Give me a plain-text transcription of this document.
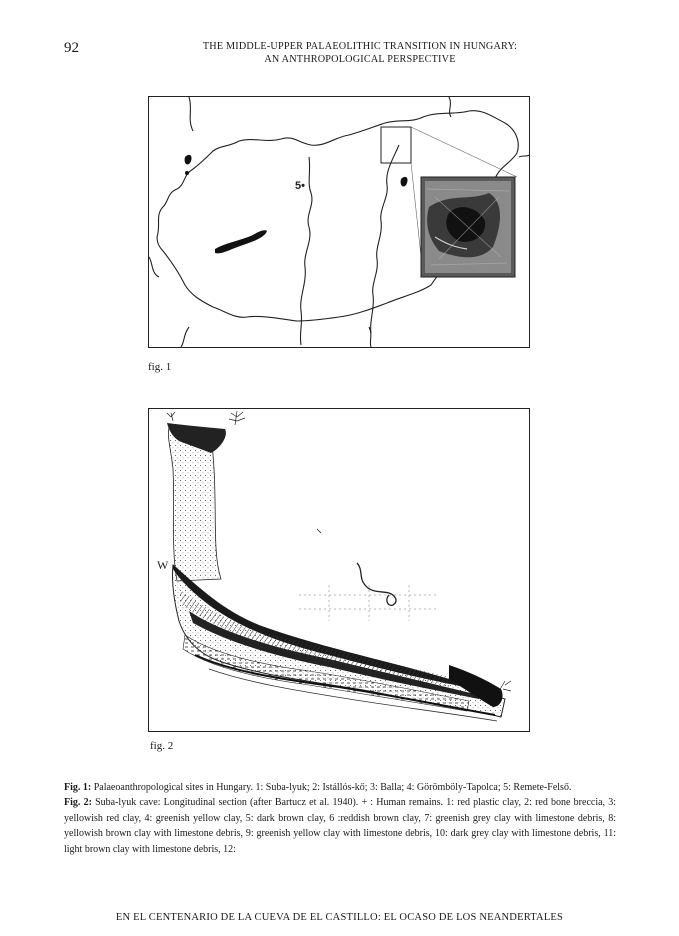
92	THE MIDDLE-UPPER PALAEOLITHIC TRANSITION IN HUNGARY:
AN ANTHROPOLOGICAL PERSPECTIVE
5•
fig. 1
W
fig. 2

Fig. 1: Palaeoanthropological sites in Hungary. 1: Suba-lyuk; 2: Istállós-kő; 3: Balla; 4: Görömböly-Tapolca; 5: Remete-Felső.

Fig. 2: Suba-lyuk cave: Longitudinal section (after Bartucz et al. 1940). + : Human remains. 1: red plastic clay, 2: red bone breccia, 3: yellowish red clay, 4: greenish yellow clay, 5: dark brown clay, 6 :reddish brown clay, 7: greenish grey clay with limestone debris, 8: yellowish brown clay with limestone debris, 9: greenish yellow clay with limestone debris, 10: dark grey clay with limestone debris, 11: light brown clay with limestone debris, 12:

EN EL CENTENARIO DE LA CUEVA DE EL CASTILLO: EL OCASO DE LOS NEANDERTALES
